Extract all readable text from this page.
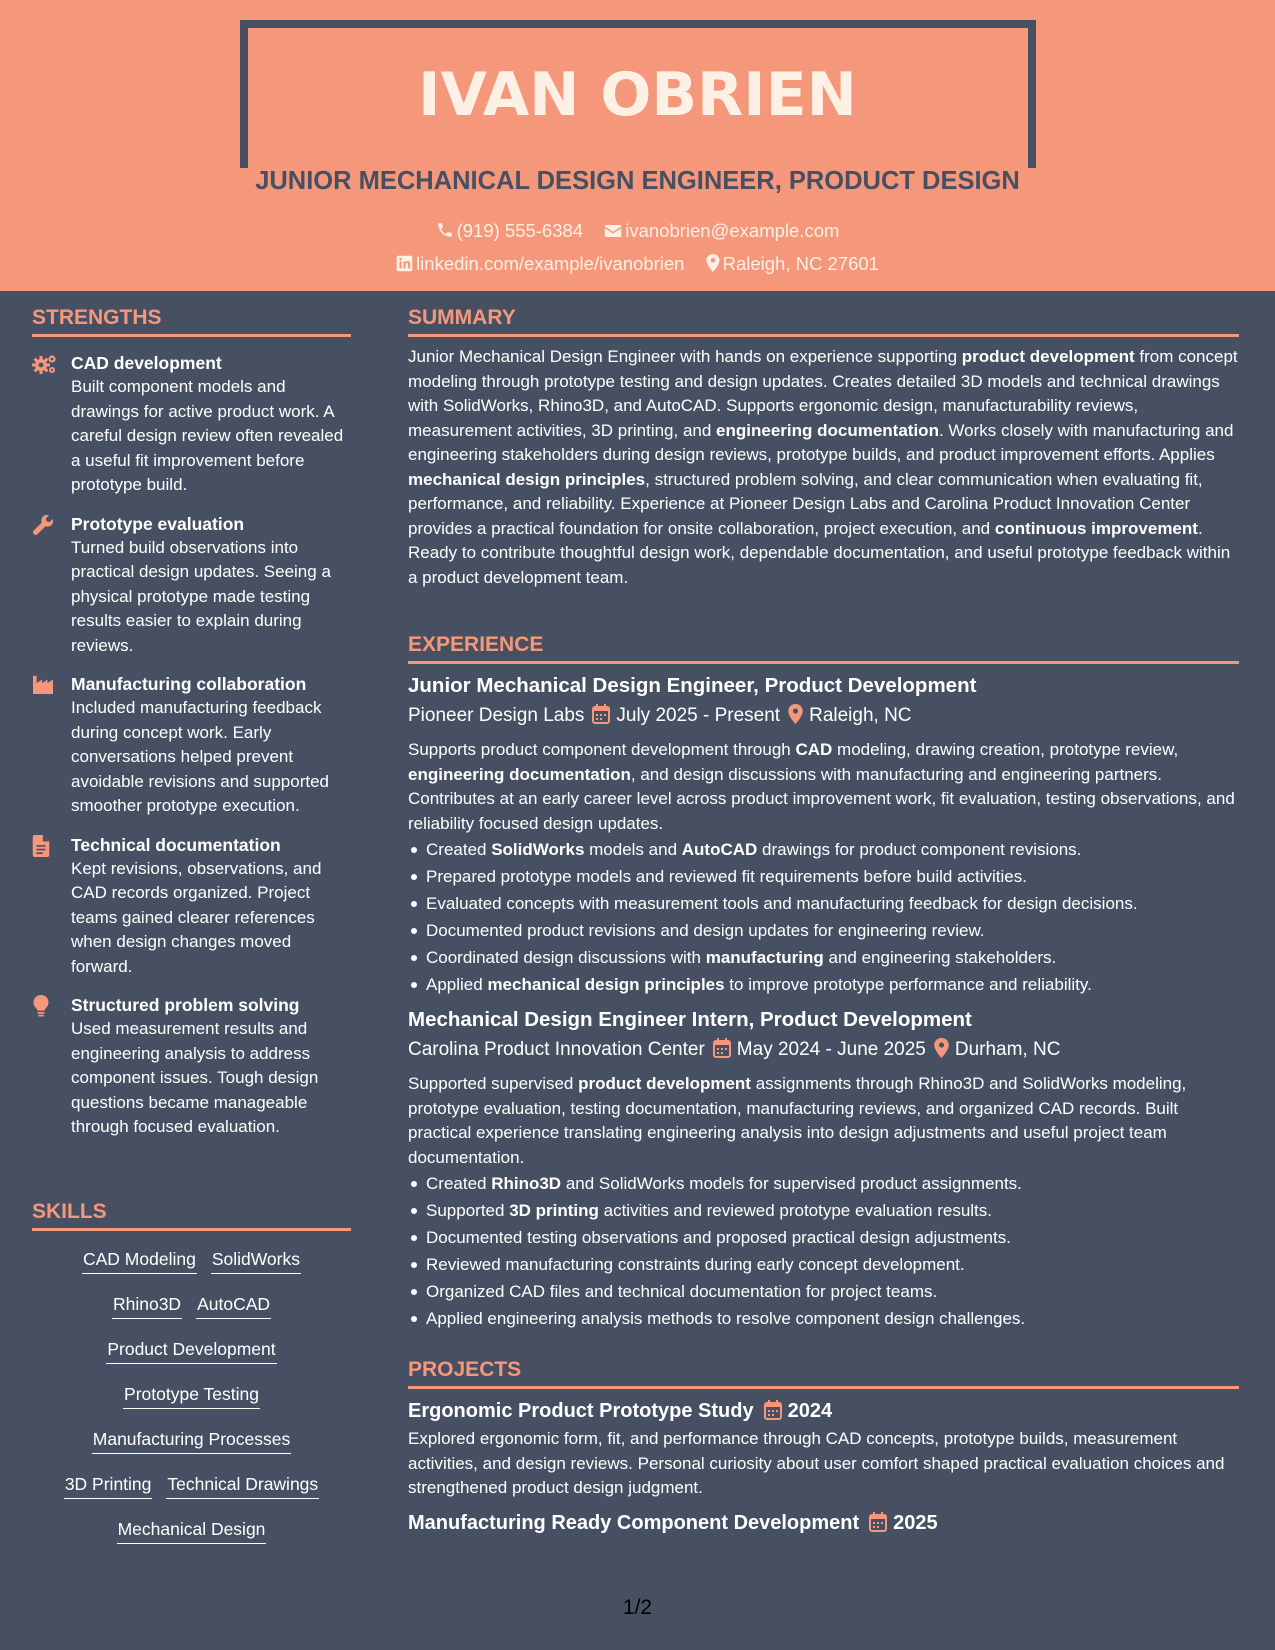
IVAN OBRIEN
JUNIOR MECHANICAL DESIGN ENGINEER, PRODUCT DESIGN
(919) 555-6384 ivanobrien@example.com
linkedin.com/example/ivanobrien Raleigh, NC 27601
STRENGTHS
CAD development
Built component models and drawings for active product work. A careful design review often revealed a useful fit improvement before prototype build.
Prototype evaluation
Turned build observations into practical design updates. Seeing a physical prototype made testing results easier to explain during reviews.
Manufacturing collaboration
Included manufacturing feedback during concept work. Early conversations helped prevent avoidable revisions and supported smoother prototype execution.
Technical documentation
Kept revisions, observations, and CAD records organized. Project teams gained clearer references when design changes moved forward.
Structured problem solving
Used measurement results and engineering analysis to address component issues. Tough design questions became manageable through focused evaluation.
SKILLS
CAD Modeling SolidWorks
Rhino3D AutoCAD
Product Development
Prototype Testing
Manufacturing Processes
3D Printing Technical Drawings
Mechanical Design
SUMMARY
Junior Mechanical Design Engineer with hands on experience supporting product development from concept modeling through prototype testing and design updates. Creates detailed 3D models and technical drawings with SolidWorks, Rhino3D, and AutoCAD. Supports ergonomic design, manufacturability reviews, measurement activities, 3D printing, and engineering documentation. Works closely with manufacturing and engineering stakeholders during design reviews, prototype builds, and product improvement efforts. Applies mechanical design principles, structured problem solving, and clear communication when evaluating fit, performance, and reliability. Experience at Pioneer Design Labs and Carolina Product Innovation Center provides a practical foundation for onsite collaboration, project execution, and continuous improvement. Ready to contribute thoughtful design work, dependable documentation, and useful prototype feedback within a product development team.
EXPERIENCE
Junior Mechanical Design Engineer, Product Development
Pioneer Design Labs July 2025 - Present Raleigh, NC
Supports product component development through CAD modeling, drawing creation, prototype review, engineering documentation, and design discussions with manufacturing and engineering partners. Contributes at an early career level across product improvement work, fit evaluation, testing observations, and reliability focused design updates.
Created SolidWorks models and AutoCAD drawings for product component revisions.
Prepared prototype models and reviewed fit requirements before build activities.
Evaluated concepts with measurement tools and manufacturing feedback for design decisions.
Documented product revisions and design updates for engineering review.
Coordinated design discussions with manufacturing and engineering stakeholders.
Applied mechanical design principles to improve prototype performance and reliability.
Mechanical Design Engineer Intern, Product Development
Carolina Product Innovation Center May 2024 - June 2025 Durham, NC
Supported supervised product development assignments through Rhino3D and SolidWorks modeling, prototype evaluation, testing documentation, manufacturing reviews, and organized CAD records. Built practical experience translating engineering analysis into design adjustments and useful project team documentation.
Created Rhino3D and SolidWorks models for supervised product assignments.
Supported 3D printing activities and reviewed prototype evaluation results.
Documented testing observations and proposed practical design adjustments.
Reviewed manufacturing constraints during early concept development.
Organized CAD files and technical documentation for project teams.
Applied engineering analysis methods to resolve component design challenges.
PROJECTS
Ergonomic Product Prototype Study 2024
Explored ergonomic form, fit, and performance through CAD concepts, prototype builds, measurement activities, and design reviews. Personal curiosity about user comfort shaped practical evaluation choices and strengthened product design judgment.
Manufacturing Ready Component Development 2025
1/2
